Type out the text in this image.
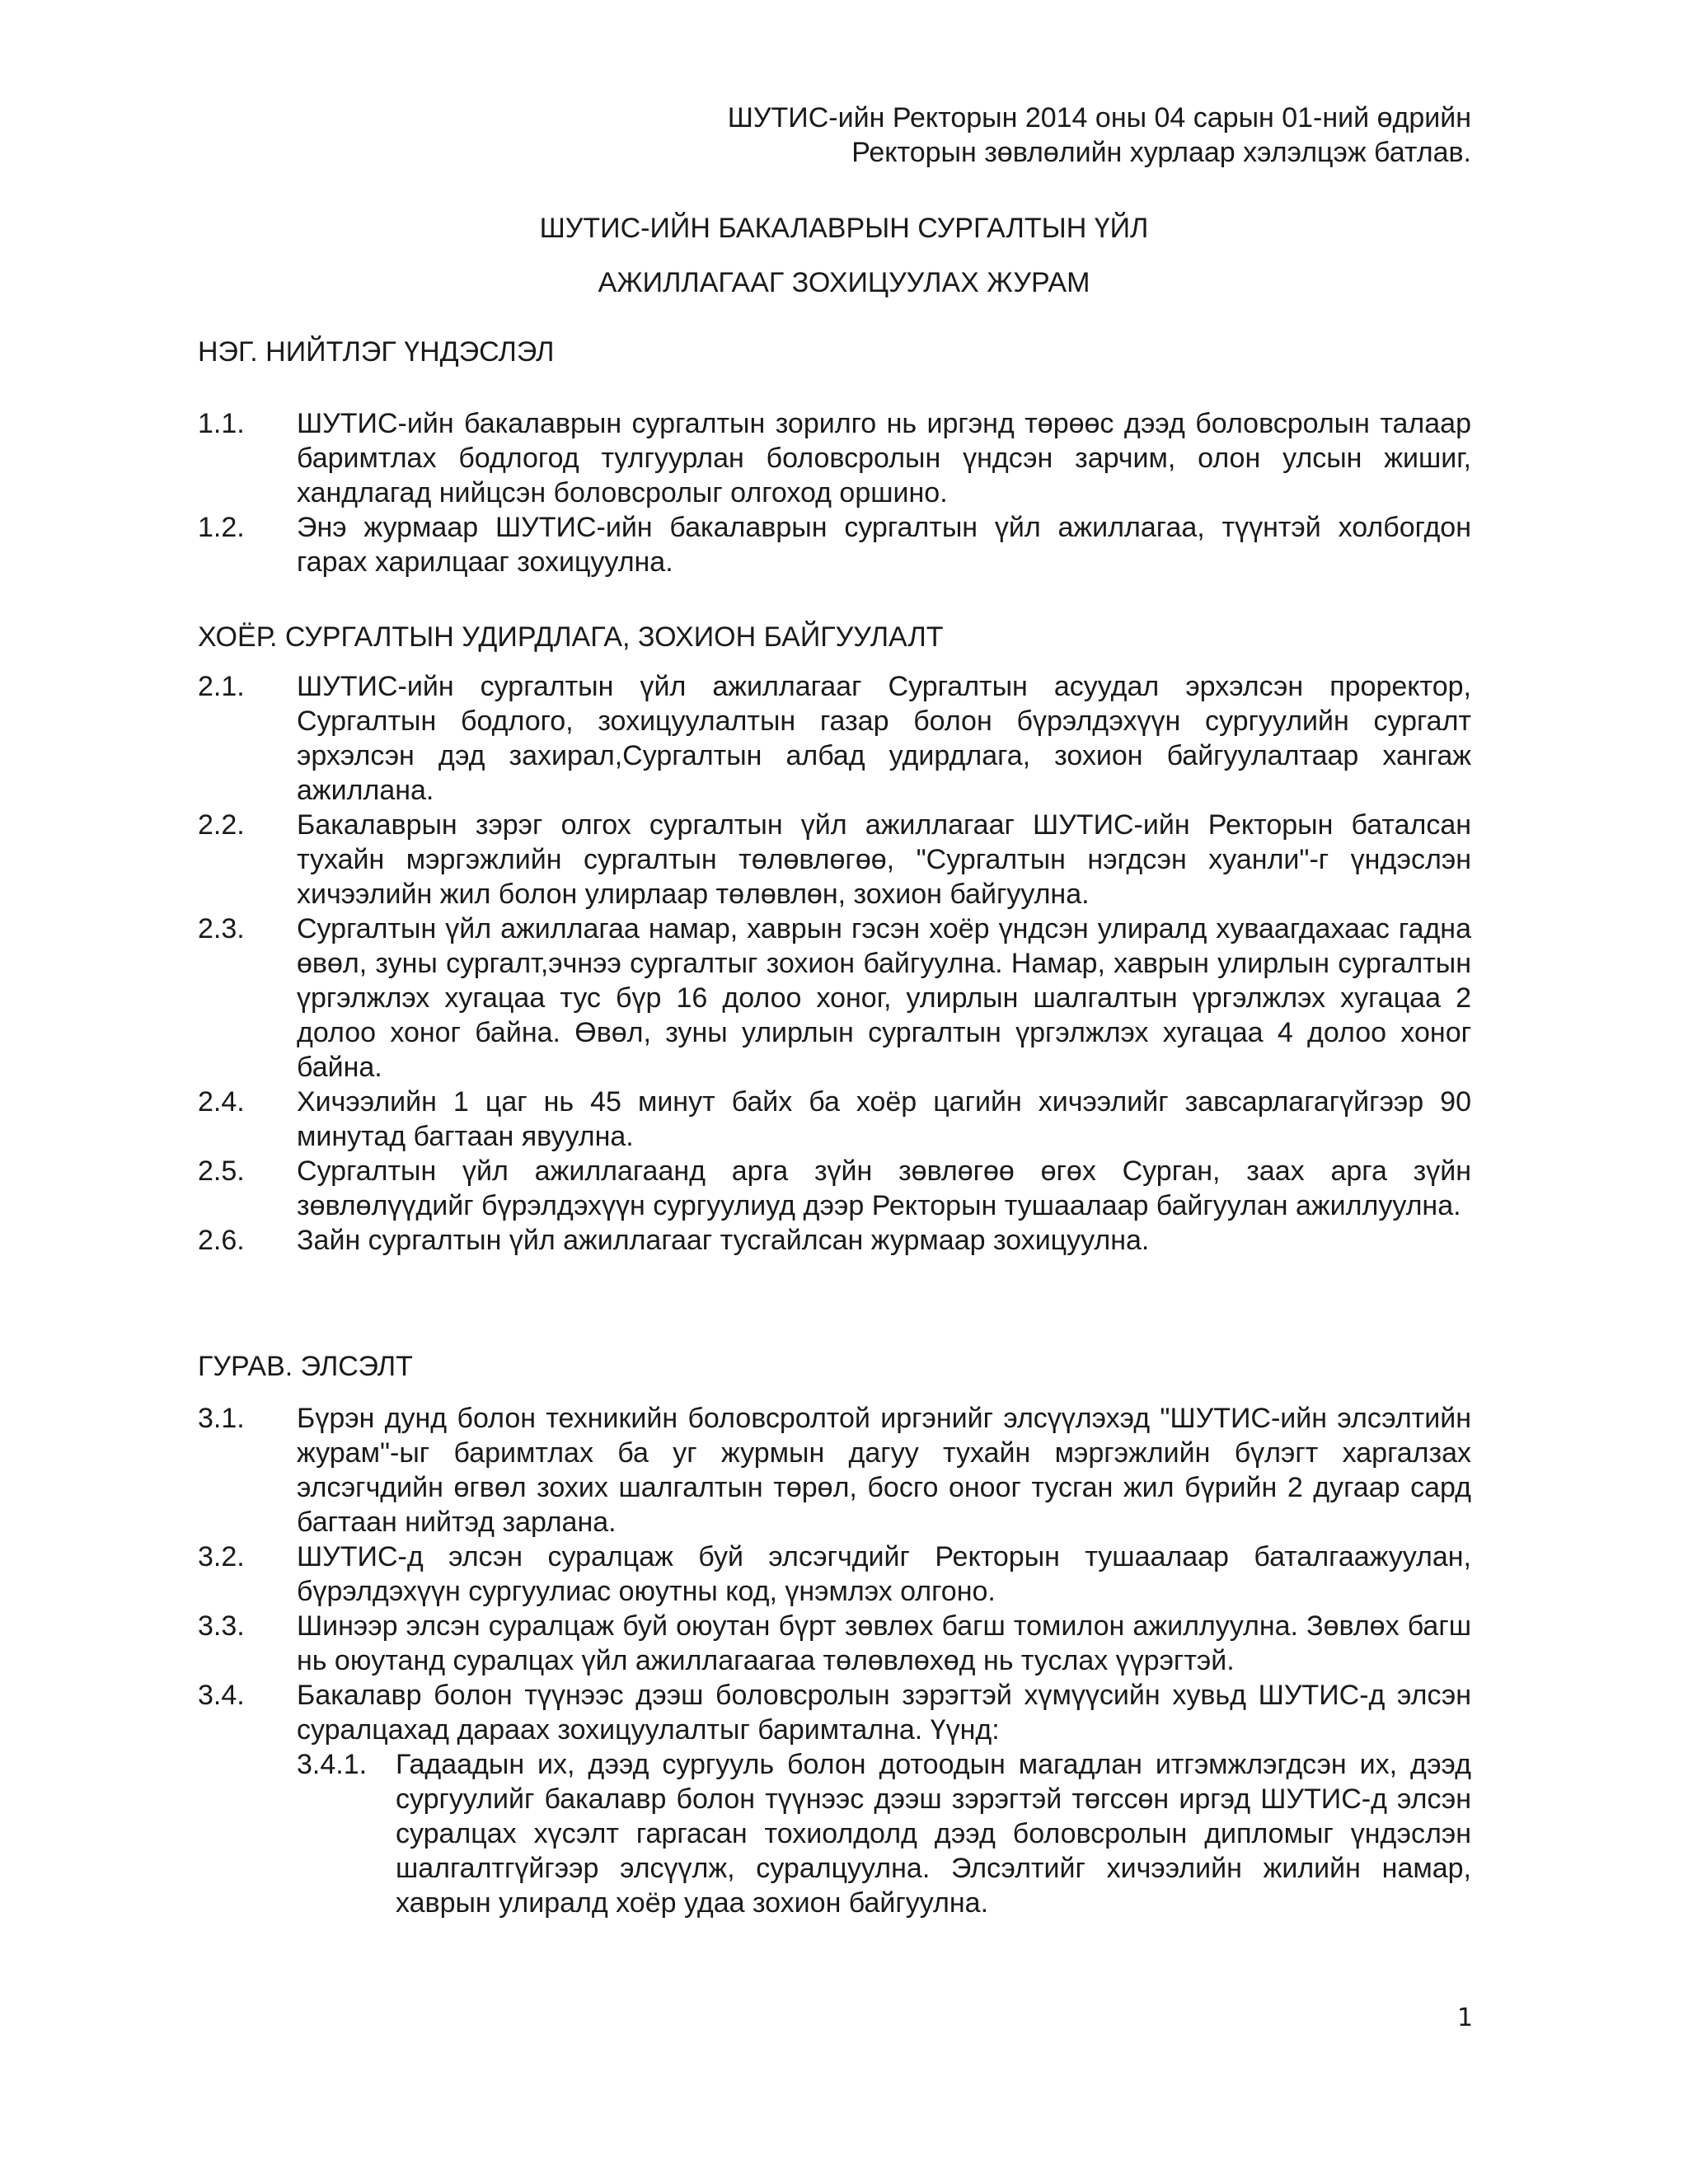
ШУТИС-ийн Ректорын 2014 оны 04 сарын 01-ний өдрийн
Ректорын зөвлөлийн хурлаар хэлэлцэж батлав.
ШУТИС-ИЙН БАКАЛАВРЫН СУРГАЛТЫН ҮЙЛ
АЖИЛЛАГААГ ЗОХИЦУУЛАХ ЖУРАМ
НЭГ. НИЙТЛЭГ ҮНДЭСЛЭЛ
1.1. ШУТИС-ийн бакалаврын сургалтын зорилго нь иргэнд төрөөс дээд боловсролын талаар баримтлах бодлогод тулгуурлан боловсролын үндсэн зарчим, олон улсын жишиг, хандлагад нийцсэн боловсролыг олгоход оршино.
1.2. Энэ журмаар ШУТИС-ийн бакалаврын сургалтын үйл ажиллагаа, түүнтэй холбогдон гарах харилцааг зохицуулна.
ХОЁР. СУРГАЛТЫН УДИРДЛАГА, ЗОХИОН БАЙГУУЛАЛТ
2.1. ШУТИС-ийн сургалтын үйл ажиллагааг Сургалтын асуудал эрхэлсэн проректор, Сургалтын бодлого, зохицуулалтын газар болон бүрэлдэхүүн сургуулийн сургалт эрхэлсэн дэд захирал,Сургалтын албад удирдлага, зохион байгуулалтаар хангаж ажиллана.
2.2. Бакалаврын зэрэг олгох сургалтын үйл ажиллагааг ШУТИС-ийн Ректорын баталсан тухайн мэргэжлийн сургалтын төлөвлөгөө, "Сургалтын нэгдсэн хуанли"-г үндэслэн хичээлийн жил болон улирлаар төлөвлөн, зохион байгуулна.
2.3. Сургалтын үйл ажиллагаа намар, хаврын гэсэн хоёр үндсэн улиралд хуваагдахаас гадна өвөл, зуны сургалт,эчнээ сургалтыг зохион байгуулна. Намар, хаврын улирлын сургалтын үргэлжлэх хугацаа тус бүр 16 долоо хоног, улирлын шалгалтын үргэлжлэх хугацаа 2 долоо хоног байна. Өвөл, зуны улирлын сургалтын үргэлжлэх хугацаа 4 долоо хоног байна.
2.4. Хичээлийн 1 цаг нь 45 минут байх ба хоёр цагийн хичээлийг завсарлагагүйгээр 90 минутад багтаан явуулна.
2.5. Сургалтын үйл ажиллагаанд арга зүйн зөвлөгөө өгөх Сурган, заах арга зүйн зөвлөлүүдийг бүрэлдэхүүн сургуулиуд дээр Ректорын тушаалаар байгуулан ажиллуулна.
2.6. Зайн сургалтын үйл ажиллагааг тусгайлсан журмаар зохицуулна.
ГУРАВ. ЭЛСЭЛТ
3.1. Бүрэн дунд болон техникийн боловсролтой иргэнийг элсүүлэхэд "ШУТИС-ийн элсэлтийн журам"-ыг баримтлах ба уг журмын дагуу тухайн мэргэжлийн бүлэгт харгалзах элсэгчдийн өгвөл зохих шалгалтын төрөл, босго оноог тусган жил бүрийн 2 дугаар сард багтаан нийтэд зарлана.
3.2. ШУТИС-д элсэн суралцаж буй элсэгчдийг Ректорын тушаалаар баталгаажуулан, бүрэлдэхүүн сургуулиас оюутны код, үнэмлэх олгоно.
3.3. Шинээр элсэн суралцаж буй оюутан бүрт зөвлөх багш томилон ажиллуулна. Зөвлөх багш нь оюутанд суралцах үйл ажиллагаагаа төлөвлөхөд нь туслах үүрэгтэй.
3.4. Бакалавр болон түүнээс дээш боловсролын зэрэгтэй хүмүүсийн хувьд ШУТИС-д элсэн суралцахад дараах зохицуулалтыг баримтална. Үүнд:
3.4.1. Гадаадын их, дээд сургууль болон дотоодын магадлан итгэмжлэгдсэн их, дээд сургуулийг бакалавр болон түүнээс дээш зэрэгтэй төгссөн иргэд ШУТИС-д элсэн суралцах хүсэлт гаргасан тохиолдолд дээд боловсролын дипломыг үндэслэн шалгалтгүйгээр элсүүлж, суралцуулна. Элсэлтийг хичээлийн жилийн намар, хаврын улиралд хоёр удаа зохион байгуулна.
1
